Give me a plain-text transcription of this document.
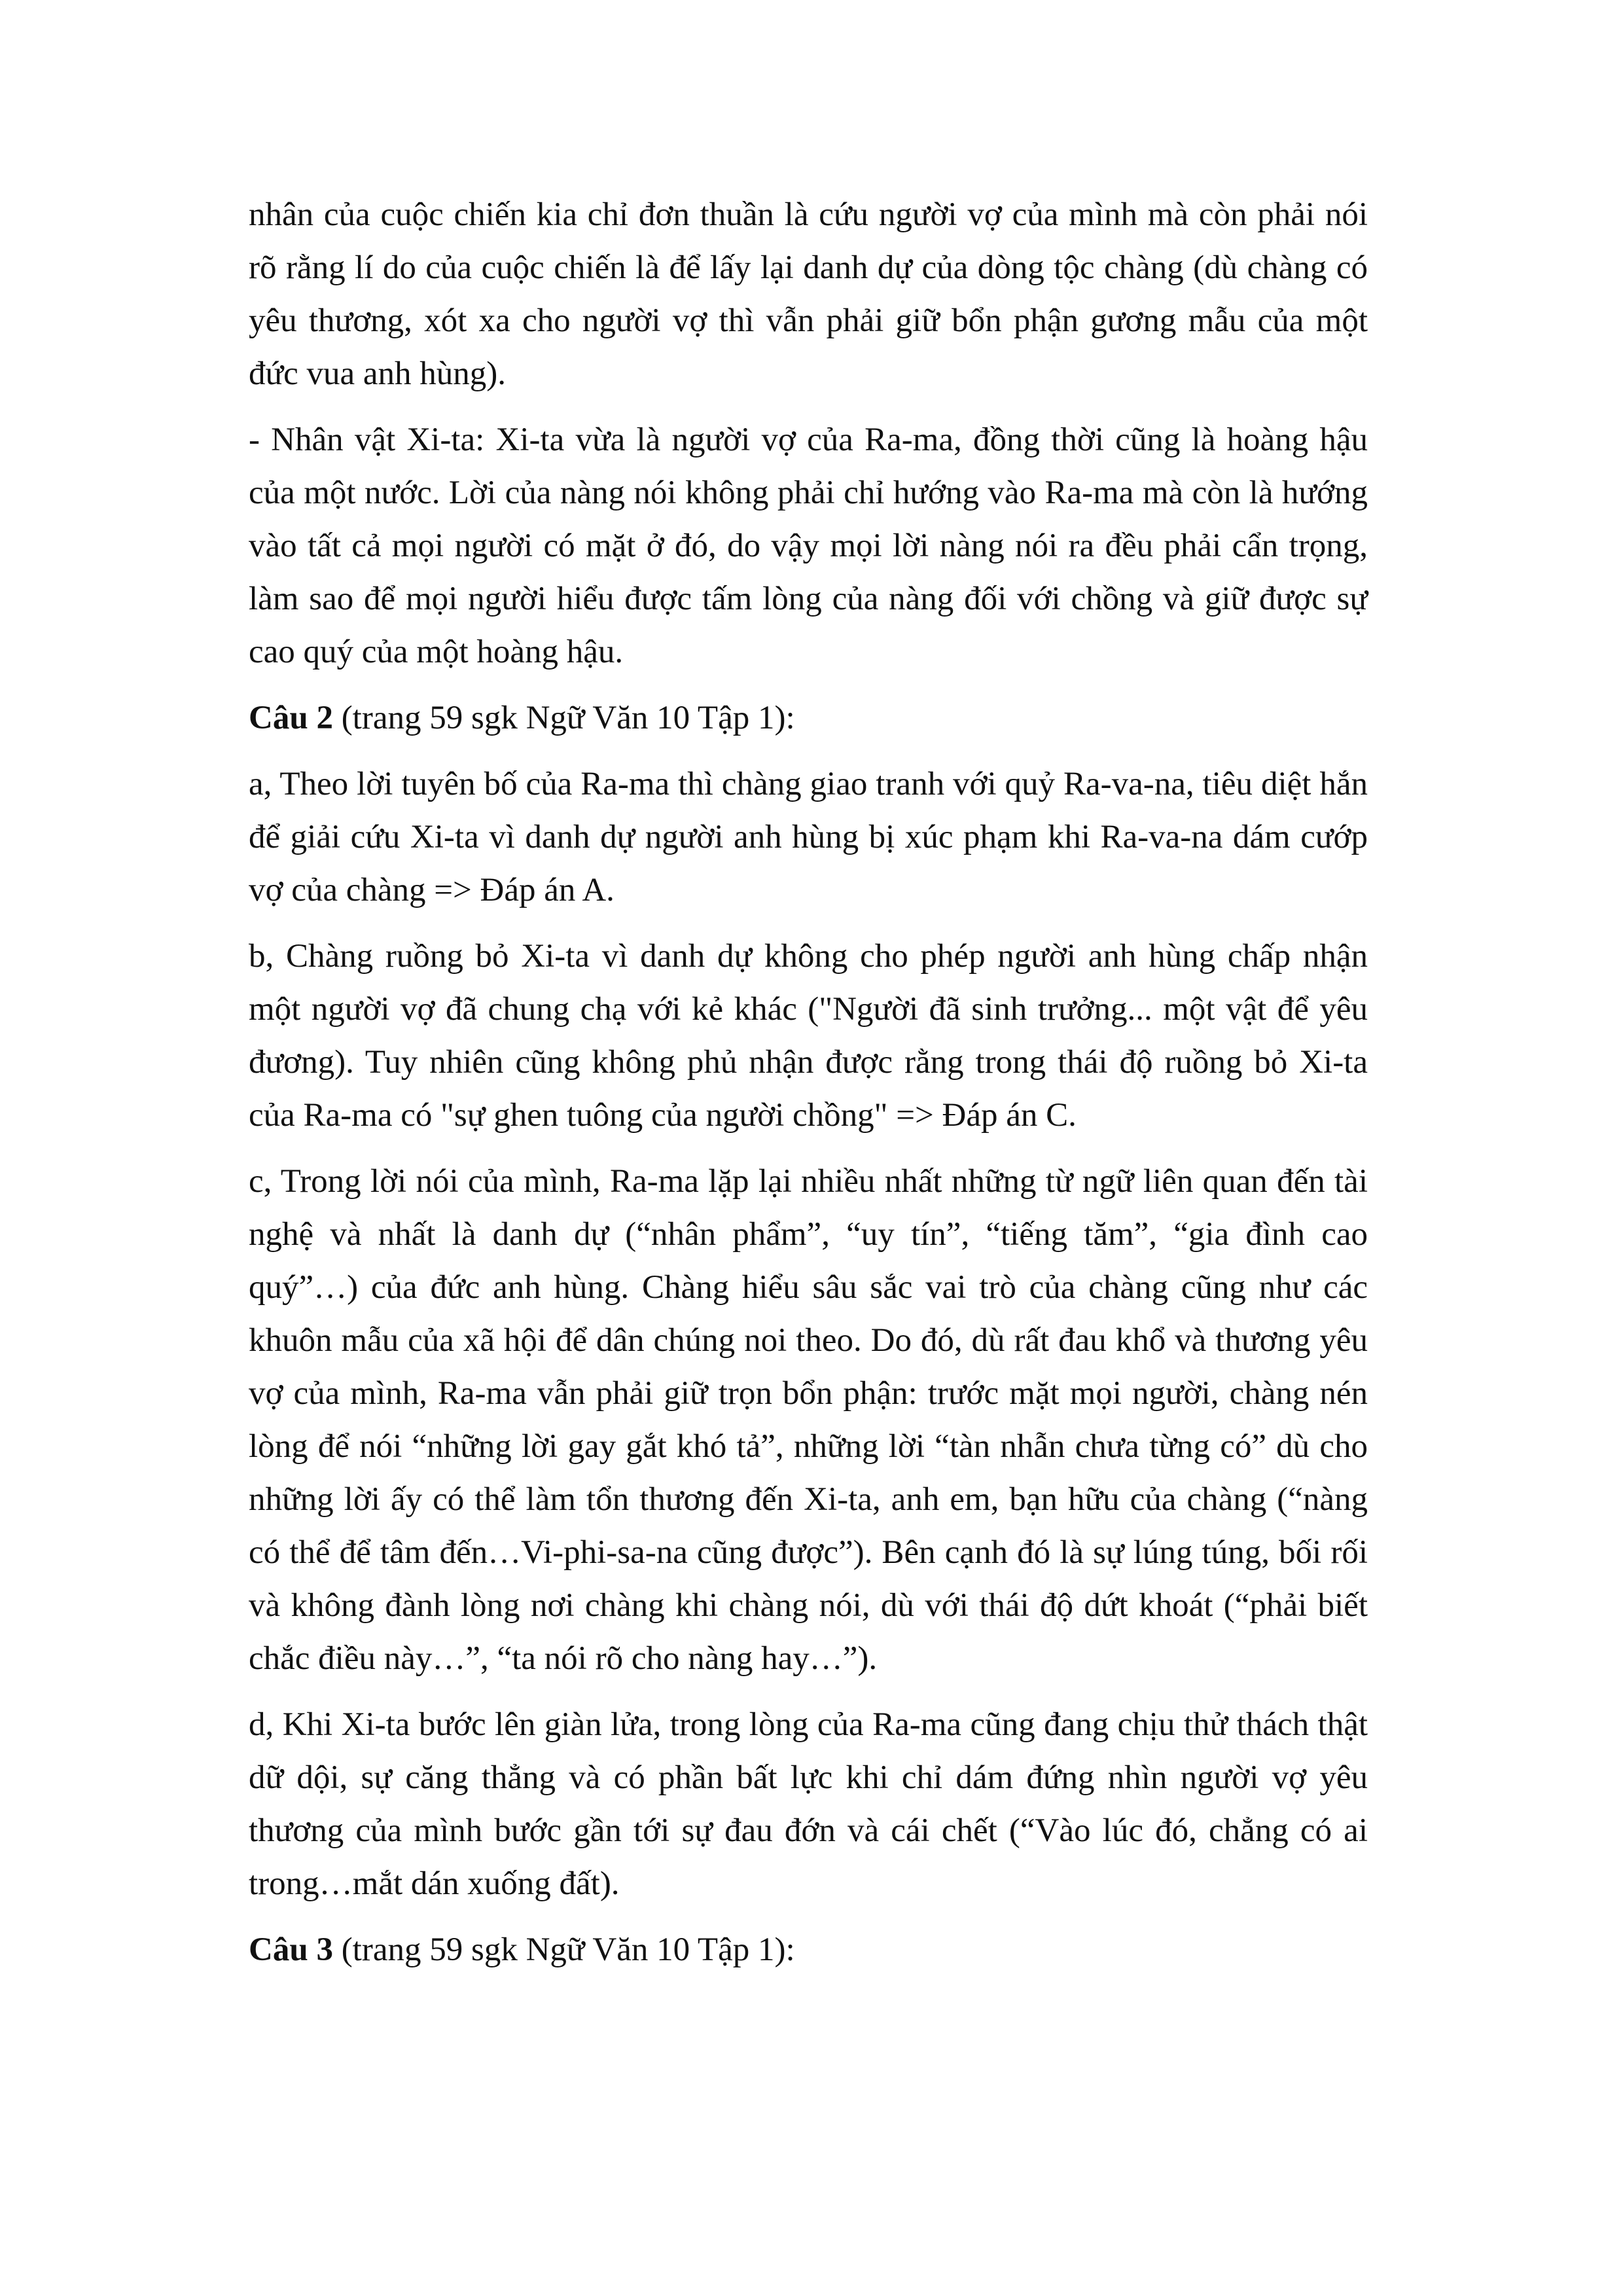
nhân của cuộc chiến kia chỉ đơn thuần là cứu người vợ của mình mà còn phải nói rõ rằng lí do của cuộc chiến là để lấy lại danh dự của dòng tộc chàng (dù chàng có yêu thương, xót xa cho người vợ thì vẫn phải giữ bổn phận gương mẫu của một đức vua anh hùng).

- Nhân vật Xi-ta: Xi-ta vừa là người vợ của Ra-ma, đồng thời cũng là hoàng hậu của một nước. Lời của nàng nói không phải chỉ hướng vào Ra-ma mà còn là hướng vào tất cả mọi người có mặt ở đó, do vậy mọi lời nàng nói ra đều phải cẩn trọng, làm sao để mọi người hiểu được tấm lòng của nàng đối với chồng và giữ được sự cao quý của một hoàng hậu.

Câu 2 (trang 59 sgk Ngữ Văn 10 Tập 1):

a, Theo lời tuyên bố của Ra-ma thì chàng giao tranh với quỷ Ra-va-na, tiêu diệt hắn để giải cứu Xi-ta vì danh dự người anh hùng bị xúc phạm khi Ra-va-na dám cướp vợ của chàng => Đáp án A.

b, Chàng ruồng bỏ Xi-ta vì danh dự không cho phép người anh hùng chấp nhận một người vợ đã chung chạ với kẻ khác ("Người đã sinh trưởng... một vật để yêu đương). Tuy nhiên cũng không phủ nhận được rằng trong thái độ ruồng bỏ Xi-ta của Ra-ma có "sự ghen tuông của người chồng" => Đáp án C.

c, Trong lời nói của mình, Ra-ma lặp lại nhiều nhất những từ ngữ liên quan đến tài nghệ và nhất là danh dự (“nhân phẩm”, “uy tín”, “tiếng tăm”, “gia đình cao quý”…) của đức anh hùng. Chàng hiểu sâu sắc vai trò của chàng cũng như các khuôn mẫu của xã hội để dân chúng noi theo. Do đó, dù rất đau khổ và thương yêu vợ của mình, Ra-ma vẫn phải giữ trọn bổn phận: trước mặt mọi người, chàng nén lòng để nói “những lời gay gắt khó tả”, những lời “tàn nhẫn chưa từng có” dù cho những lời ấy có thể làm tổn thương đến Xi-ta, anh em, bạn hữu của chàng (“nàng có thể để tâm đến…Vi-phi-sa-na cũng được”). Bên cạnh đó là sự lúng túng, bối rối và không đành lòng nơi chàng khi chàng nói, dù với thái độ dứt khoát (“phải biết chắc điều này…”, “ta nói rõ cho nàng hay…”).

d, Khi Xi-ta bước lên giàn lửa, trong lòng của Ra-ma cũng đang chịu thử thách thật dữ dội, sự căng thẳng và có phần bất lực khi chỉ dám đứng nhìn người vợ yêu thương của mình bước gần tới sự đau đớn và cái chết (“Vào lúc đó, chẳng có ai trong…mắt dán xuống đất).

Câu 3 (trang 59 sgk Ngữ Văn 10 Tập 1):
